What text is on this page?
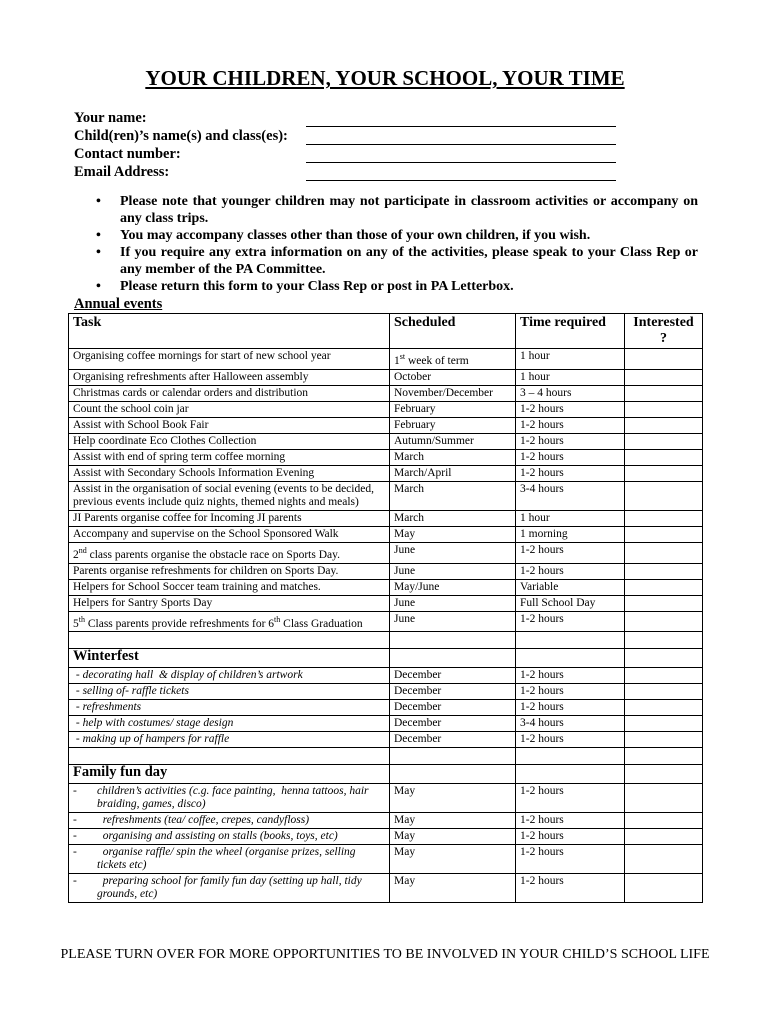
YOUR CHILDREN, YOUR SCHOOL, YOUR TIME
Your name:
Child(ren)’s name(s) and class(es):
Contact number:
Email Address:
• Please note that younger children may not participate in classroom activities or accompany on any class trips.
• You may accompany classes other than those of your own children, if you wish.
• If you require any extra information on any of the activities, please speak to your Class Rep or any member of the PA Committee.
• Please return this form to your Class Rep or post in PA Letterbox.
Annual events
Task	Scheduled	Time required	Interested ?
Organising coffee mornings for start of new school year	1st week of term	1 hour	
Organising refreshments after Halloween assembly	October	1 hour	
Christmas cards or calendar orders and distribution	November/December	3 – 4 hours	
Count the school coin jar	February	1-2 hours	
Assist with School Book Fair	February	1-2 hours	
Help coordinate Eco Clothes Collection	Autumn/Summer	1-2 hours	
Assist with end of spring term coffee morning	March	1-2 hours	
Assist with Secondary Schools Information Evening	March/April	1-2 hours	
Assist in the organisation of social evening (events to be decided, previous events include quiz nights, themed nights and meals)	March	3-4 hours	
JI Parents organise coffee for Incoming JI parents	March	1 hour	
Accompany and supervise on the School Sponsored Walk	May	1 morning	
2nd class parents organise the obstacle race on Sports Day.	June	1-2 hours	
Parents organise refreshments for children on Sports Day.	June	1-2 hours	
Helpers for School Soccer team training and matches.	May/June	Variable	
Helpers for Santry Sports Day	June	Full School Day	
5th Class parents provide refreshments for 6th Class Graduation	June	1-2 hours	

Winterfest			
- decorating hall  & display of children’s artwork	December	1-2 hours	
- selling of- raffle tickets	December	1-2 hours	
- refreshments	December	1-2 hours	
- help with costumes/ stage design	December	3-4 hours	
- making up of hampers for raffle	December	1-2 hours	

Family fun day			

- children’s activities (c.g. face painting,  henna tattoos, hair braiding, games, disco)	May	1-2 hours	

- refreshments (tea/ coffee, crepes, candyfloss)	May	1-2 hours	

- organising and assisting on stalls (books, toys, etc)	May	1-2 hours	

- organise raffle/ spin the wheel (organise prizes, selling tickets etc)	May	1-2 hours	

- preparing school for family fun day (setting up hall, tidy grounds, etc)	May	1-2 hours	
PLEASE TURN OVER FOR MORE OPPORTUNITIES TO BE INVOLVED IN YOUR CHILD’S SCHOOL LIFE
